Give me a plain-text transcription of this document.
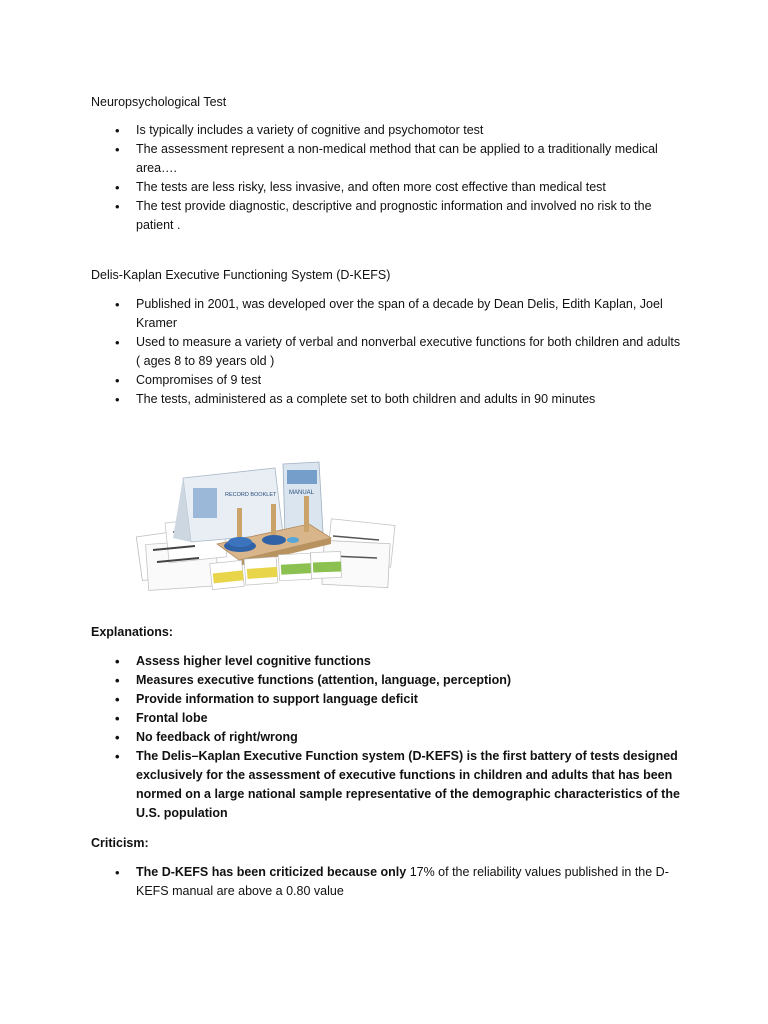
Neuropsychological Test
• Is typically includes a variety of cognitive and psychomotor test
• The assessment represent a non-medical method that can be applied to a traditionally medical area….
• The tests are less risky, less invasive, and often more cost effective than medical test
• The test provide diagnostic, descriptive and prognostic information and involved no risk to the patient .
Delis-Kaplan Executive Functioning System (D-KEFS)
• Published in 2001, was developed over the span of a decade by Dean Delis, Edith Kaplan, Joel Kramer
• Used to measure a variety of verbal and nonverbal executive functions for both children and adults ( ages 8 to 89 years old )
• Compromises of 9 test
• The tests, administered as a complete set to both children and adults in 90 minutes
RECORD BOOKLET MANUAL
Explanations:
• Assess higher level cognitive functions
• Measures executive functions (attention, language, perception)
• Provide information to support language deficit
• Frontal lobe
• No feedback of right/wrong
• The Delis–Kaplan Executive Function system (D-KEFS) is the first battery of tests designed exclusively for the assessment of executive functions in children and adults that has been normed on a large national sample representative of the demographic characteristics of the U.S. population
Criticism:
• The D-KEFS has been criticized because only 17% of the reliability values published in the D-KEFS manual are above a 0.80 value
